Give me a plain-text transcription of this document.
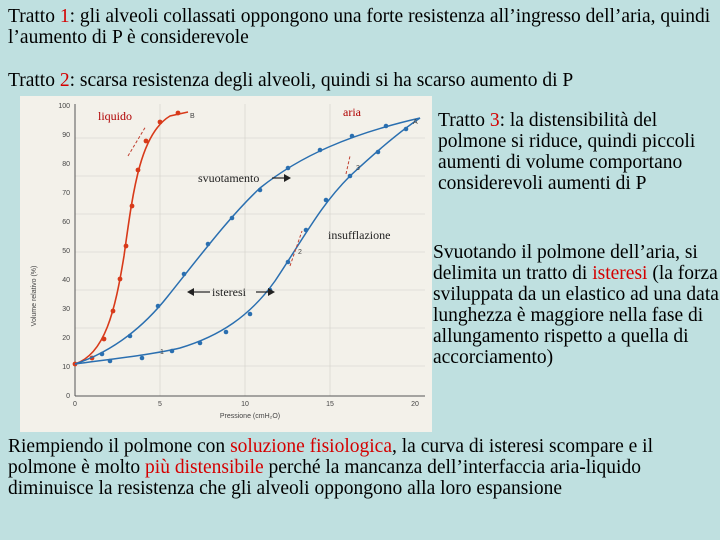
Tratto 1: gli alveoli collassati oppongono una forte resistenza all’ingresso dell’aria, quindi l’aumento di P è considerevole

Tratto 2: scarsa resistenza degli alveoli, quindi si ha scarso aumento di P

0
10
20
30
40
50
60
70
80
90
100
0	5	10	15	20
Pressione (cmH₂O)
Volume relativo (%)
B
A
1
2
3
liquido	aria
svuotamento
insufflazione
isteresi

Tratto 3: la distensibilità del polmone si riduce, quindi piccoli aumenti di volume comportano considerevoli aumenti di P

Svuotando il polmone dell’aria, si delimita un tratto di isteresi (la forza sviluppata da un elastico ad una data lunghezza è maggiore nella fase di allungamento rispetto a quella di accorciamento)

Riempiendo il polmone con soluzione fisiologica, la curva di isteresi scompare e il polmone è molto più distensibile perché la mancanza dell’interfaccia aria-liquido diminuisce la resistenza che gli alveoli oppongono alla loro espansione
